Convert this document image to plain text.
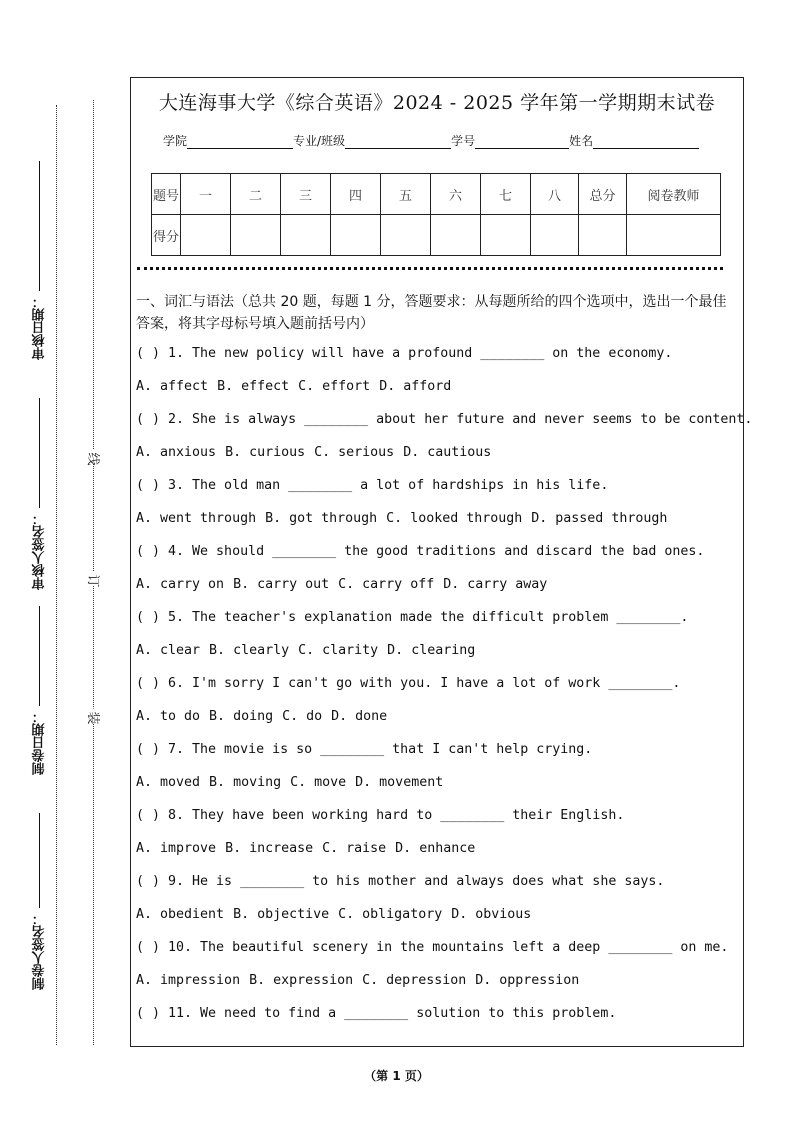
审核日期：
审核人签名：
制卷日期：
制卷人签名：
线
订
装
大连海事大学《综合英语》2024 - 2025 学年第一学期期末试卷
学院	专业/班级	学号	姓名
题号	一	二	三	四	五	六	七	八	总分	阅卷教师
得分										

一、词汇与语法（总共 20 题，每题 1 分，答题要求：从每题所给的四个选项中，选出一个最佳答案，将其字母标号填入题前括号内）

( ) 1. The new policy will have a profound ________ on the economy.
A. affect B. effect C. effort D. afford
( ) 2. She is always ________ about her future and never seems to be content.
A. anxious B. curious C. serious D. cautious
( ) 3. The old man ________ a lot of hardships in his life.
A. went through B. got through C. looked through D. passed through
( ) 4. We should ________ the good traditions and discard the bad ones.
A. carry on B. carry out C. carry off D. carry away
( ) 5. The teacher's explanation made the difficult problem ________.
A. clear B. clearly C. clarity D. clearing
( ) 6. I'm sorry I can't go with you. I have a lot of work ________.
A. to do B. doing C. do D. done
( ) 7. The movie is so ________ that I can't help crying.
A. moved B. moving C. move D. movement
( ) 8. They have been working hard to ________ their English.
A. improve B. increase C. raise D. enhance
( ) 9. He is ________ to his mother and always does what she says.
A. obedient B. objective C. obligatory D. obvious
( ) 10. The beautiful scenery in the mountains left a deep ________ on me.
A. impression B. expression C. depression D. oppression
( ) 11. We need to find a ________ solution to this problem.
（第 1 页）
